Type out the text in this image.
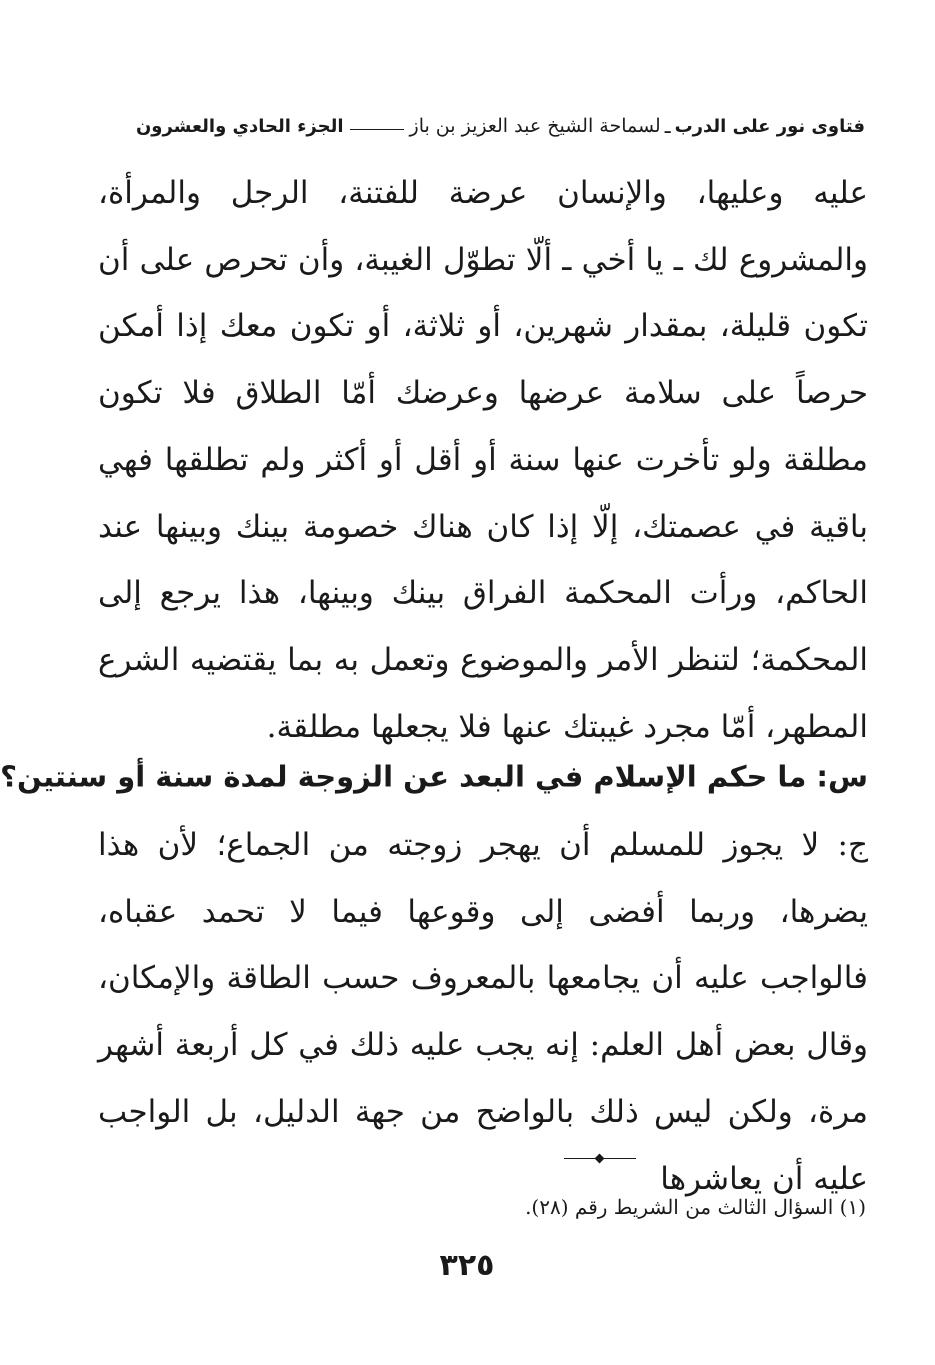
فتاوى نور على الدرب
ـ
لسماحة الشيخ عبد العزيز بن باز
الجزء الحادي والعشرون
عليه وعليها، والإنسان عرضة للفتنة، الرجل والمرأة، والمشروع لك ـ يا أخي ـ ألّا تطوّل الغيبة، وأن تحرص على أن تكون قليلة، بمقدار شهرين، أو ثلاثة، أو تكون معك إذا أمكن حرصاً على سلامة عرضها وعرضك أمّا الطلاق فلا تكون مطلقة ولو تأخرت عنها سنة أو أقل أو أكثر ولم تطلقها فهي باقية في عصمتك، إلّا إذا كان هناك خصومة بينك وبينها عند الحاكم، ورأت المحكمة الفراق بينك وبينها، هذا يرجع إلى المحكمة؛ لتنظر الأمر والموضوع وتعمل به بما يقتضيه الشرع المطهر، أمّا مجرد غيبتك عنها فلا يجعلها مطلقة.
س: ما حكم الإسلام في البعد عن الزوجة لمدة سنة أو سنتين؟
ج: لا يجوز للمسلم أن يهجر زوجته من الجماع؛ لأن هذا يضرها، وربما أفضى إلى وقوعها فيما لا تحمد عقباه، فالواجب عليه أن يجامعها بالمعروف حسب الطاقة والإمكان، وقال بعض أهل العلم: إنه يجب عليه ذلك في كل أربعة أشهر مرة، ولكن ليس ذلك بالواضح من جهة الدليل، بل الواجب عليه أن يعاشرها
(١) السؤال الثالث من الشريط رقم (٢٨).
٣٢٥
